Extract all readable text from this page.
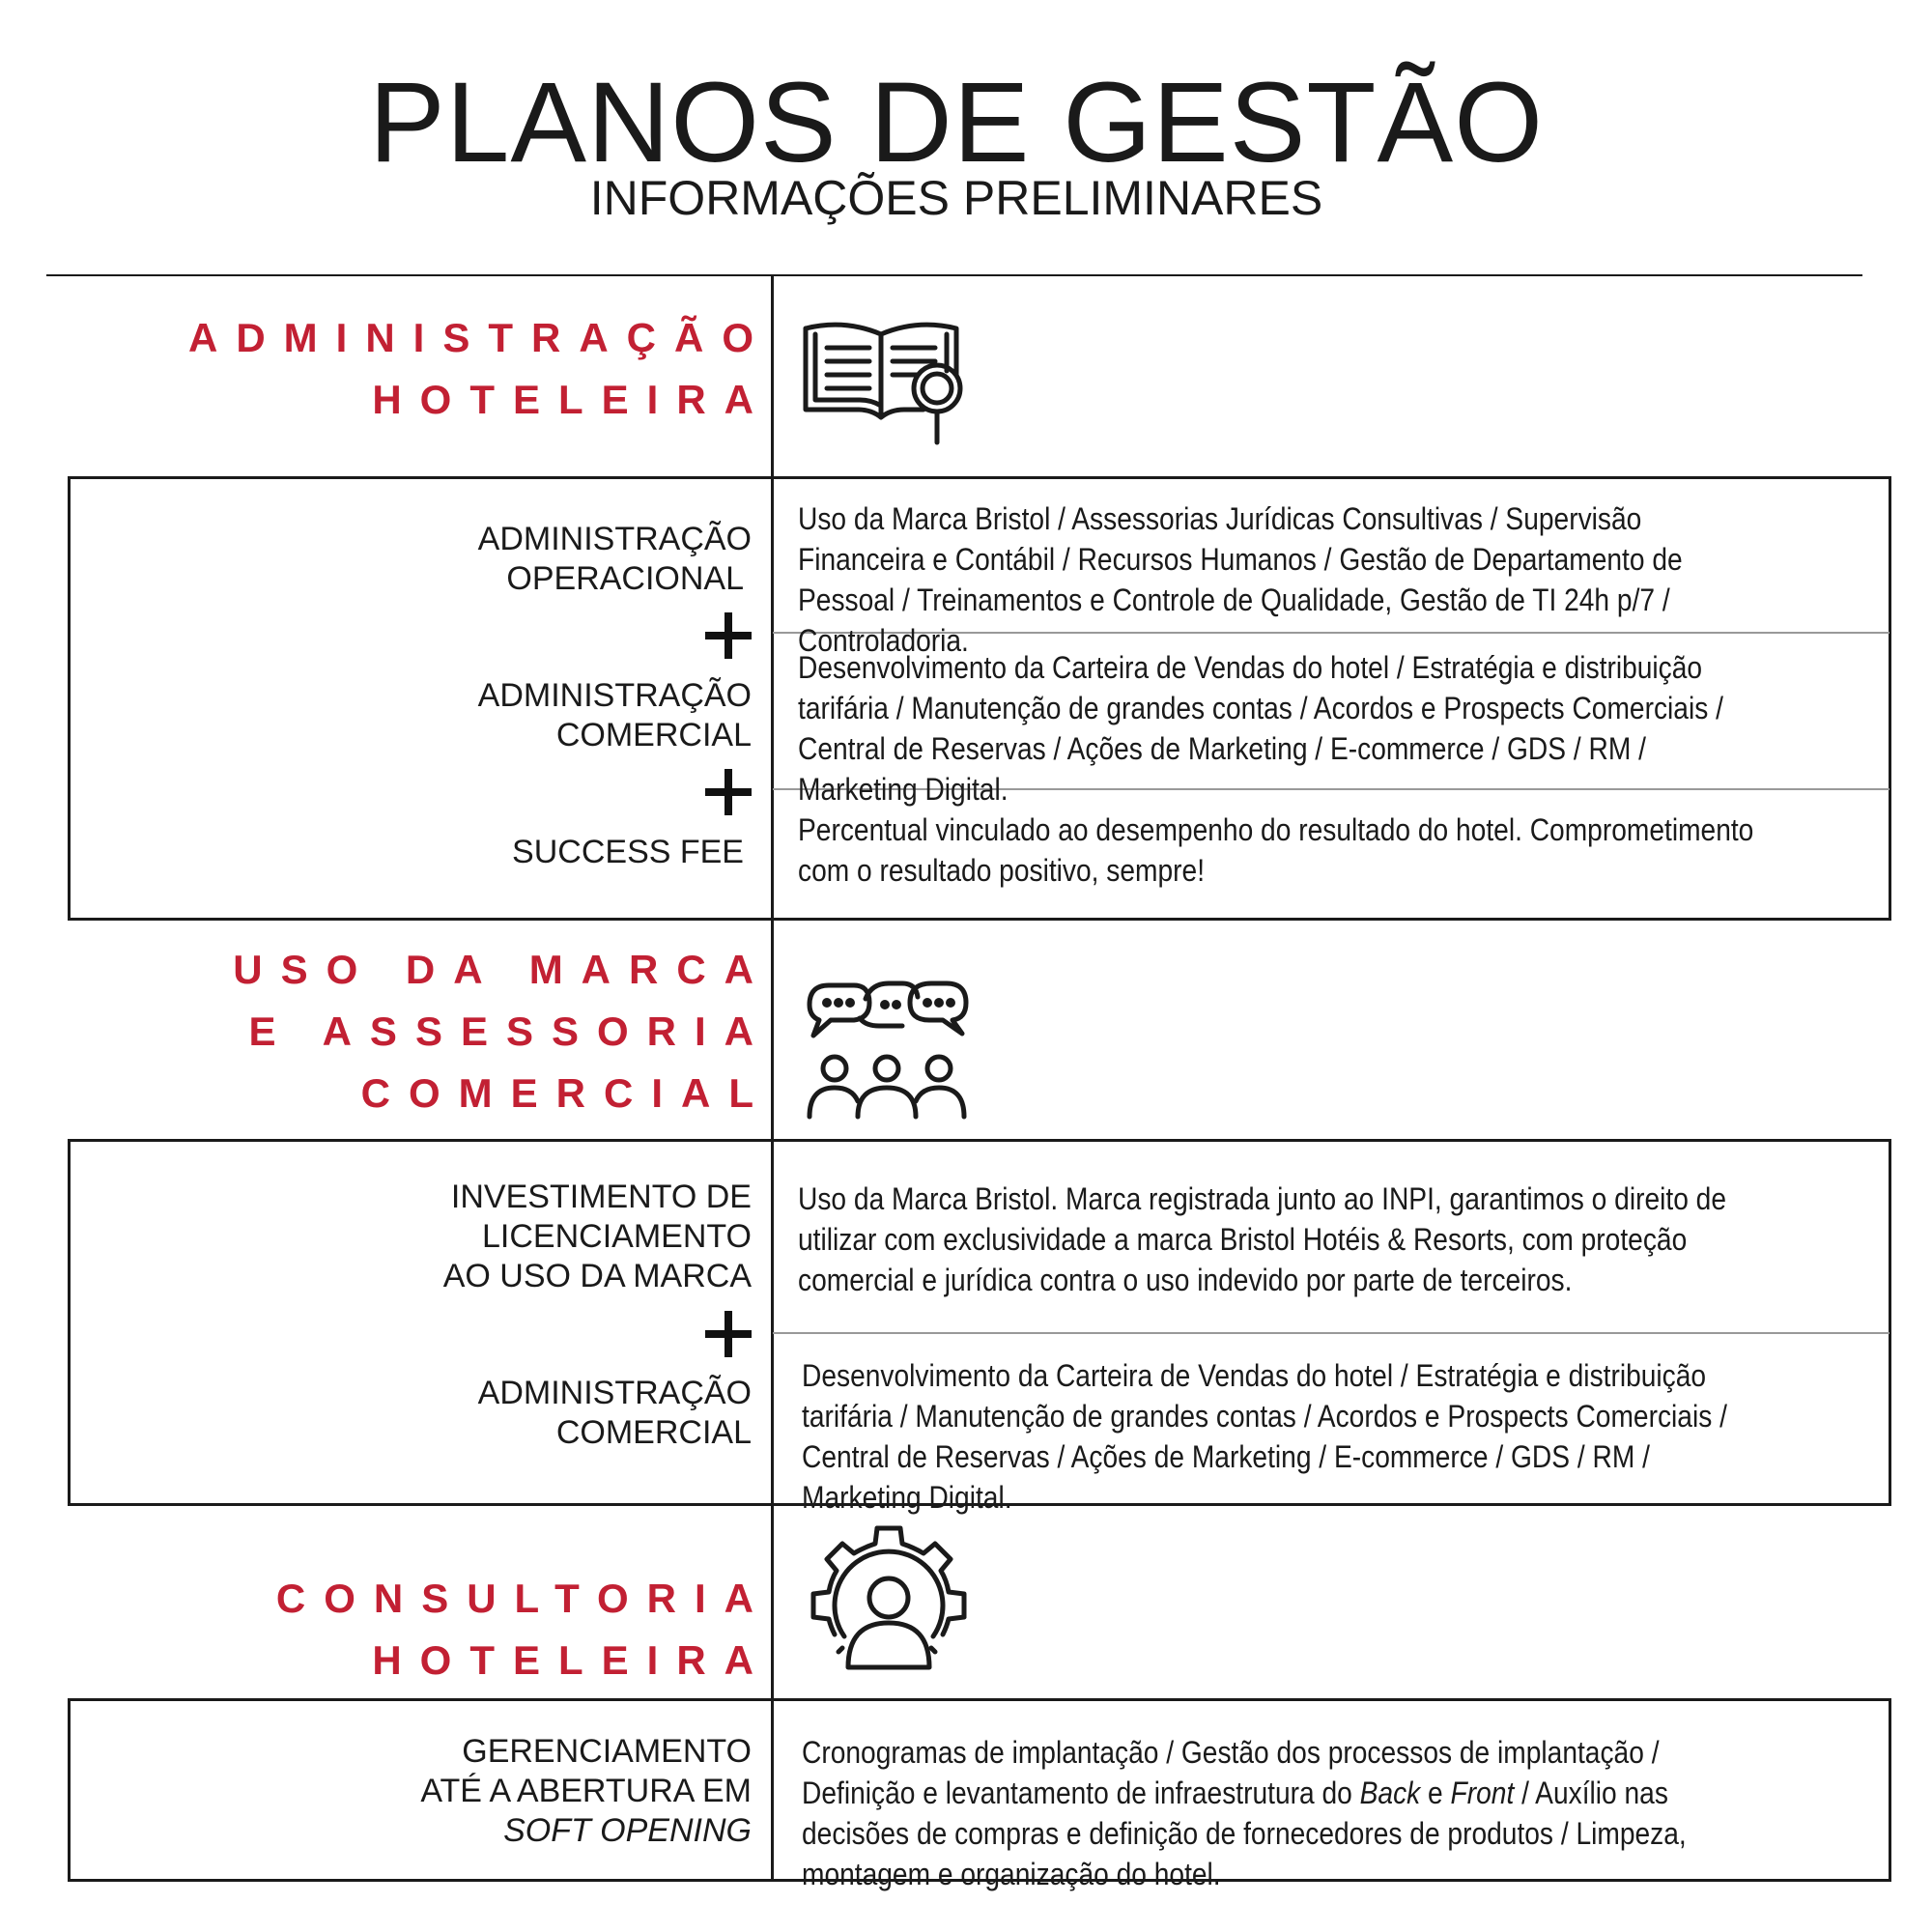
PLANOS DE GESTÃO
INFORMAÇÕES PRELIMINARES
ADMINISTRAÇÃO
HOTELEIRA
ADMINISTRAÇÃO
OPERACIONAL
ADMINISTRAÇÃO
COMERCIAL
SUCCESS FEE
Uso da Marca Bristol / Assessorias Jurídicas Consultivas / Supervisão Financeira e Contábil / Recursos Humanos / Gestão de Departamento de Pessoal / Treinamentos e Controle de Qualidade, Gestão de TI 24h p/7 / Controladoria.
Desenvolvimento da Carteira de Vendas do hotel / Estratégia e distribuição tarifária / Manutenção de grandes contas / Acordos e Prospects Comerciais / Central de Reservas / Ações de Marketing / E-commerce / GDS / RM / Marketing Digital.
Percentual vinculado ao desempenho do resultado do hotel. Comprometimento com o resultado positivo, sempre!
USO DA MARCA
E ASSESSORIA
COMERCIAL
INVESTIMENTO DE
LICENCIAMENTO
AO USO DA MARCA
ADMINISTRAÇÃO
COMERCIAL
Uso da Marca Bristol. Marca registrada junto ao INPI, garantimos o direito de utilizar com exclusividade a marca Bristol Hotéis & Resorts, com proteção comercial e jurídica contra o uso indevido por parte de terceiros.
Desenvolvimento da Carteira de Vendas do hotel / Estratégia e distribuição tarifária / Manutenção de grandes contas / Acordos e Prospects Comerciais / Central de Reservas / Ações de Marketing / E-commerce / GDS / RM / Marketing Digital.
CONSULTORIA
HOTELEIRA
GERENCIAMENTO
ATÉ A ABERTURA EM
SOFT OPENING
Cronogramas de implantação / Gestão dos processos de implantação / Definição e levantamento de infraestrutura do Back e Front / Auxílio nas decisões de compras e definição de fornecedores de produtos / Limpeza, montagem e organização do hotel.
